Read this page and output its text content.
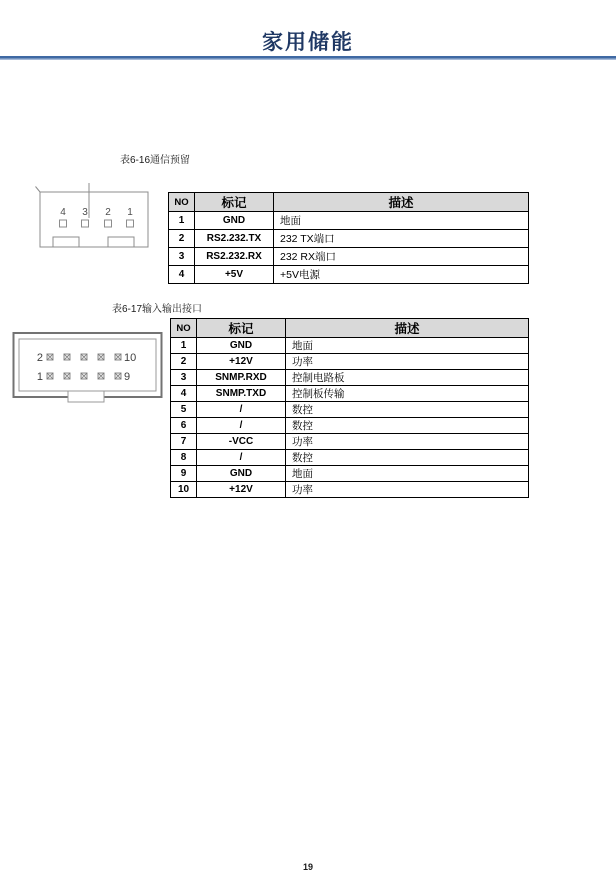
家用储能
表6-16通信预留
4 3 2 1
NO	标记	描述
1	GND	地面
2	RS2.232.TX	232 TX端口
3	RS2.232.RX	232 RX端口
4	+5V	+5V电源
表6-17输入输出接口
2	10
1	9
NO	标记	描述
1	GND	地面
2	+12V	功率
3	SNMP.RXD	控制电路板
4	SNMP.TXD	控制板传输
5	/	数控
6	/	数控
7	-VCC	功率
8	/	数控
9	GND	地面
10	+12V	功率
19
